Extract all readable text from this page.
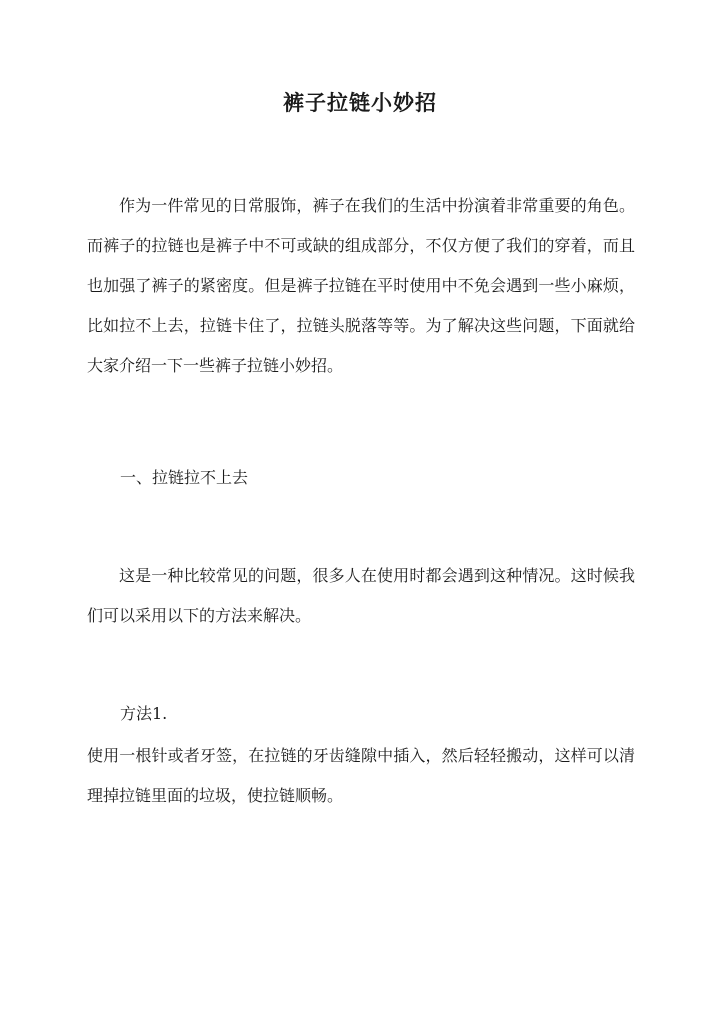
裤子拉链小妙招

作为一件常见的日常服饰，裤子在我们的生活中扮演着非常重要的角色。而裤子的拉链也是裤子中不可或缺的组成部分，不仅方便了我们的穿着，而且也加强了裤子的紧密度。但是裤子拉链在平时使用中不免会遇到一些小麻烦，比如拉不上去，拉链卡住了，拉链头脱落等等。为了解决这些问题，下面就给大家介绍一下一些裤子拉链小妙招。

一、拉链拉不上去

这是一种比较常见的问题，很多人在使用时都会遇到这种情况。这时候我们可以采用以下的方法来解决。

方法1.

使用一根针或者牙签，在拉链的牙齿缝隙中插入，然后轻轻搬动，这样可以清理掉拉链里面的垃圾，使拉链顺畅。
